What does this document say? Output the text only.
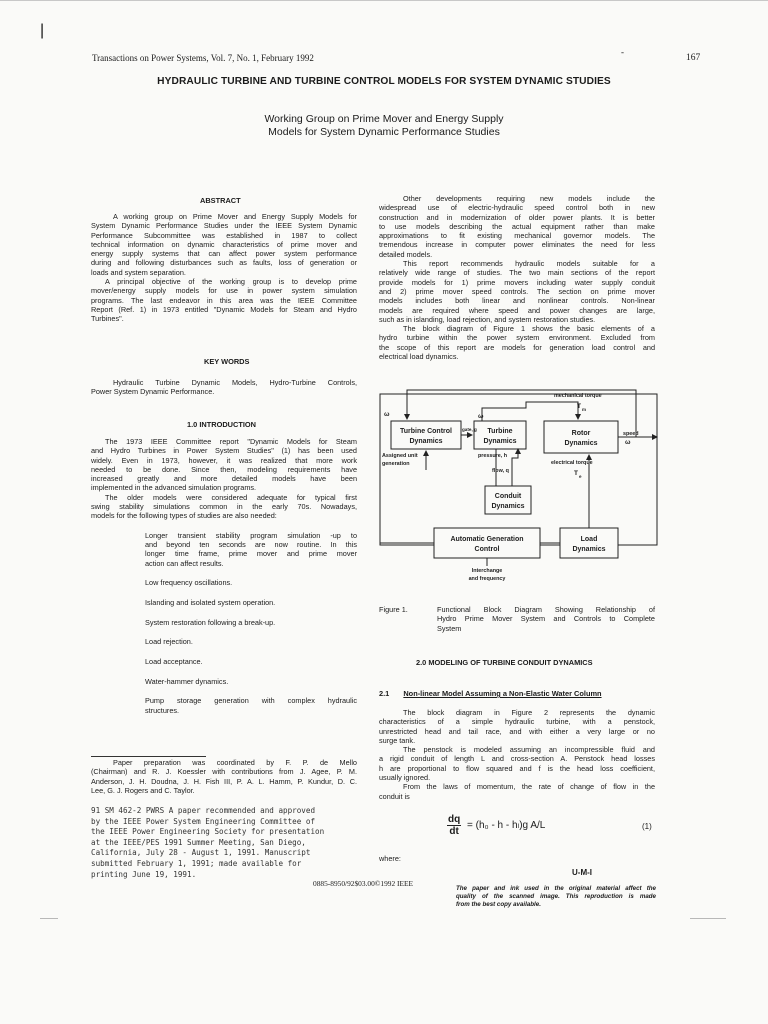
|
Transactions on Power Systems, Vol. 7, No. 1, February 1992
-
167
HYDRAULIC TURBINE AND TURBINE CONTROL MODELS FOR SYSTEM DYNAMIC STUDIES
Working Group on Prime Mover and Energy Supply
Models for System Dynamic Performance Studies
ABSTRACT
A working group on Prime Mover and Energy Supply Models for
System Dynamic Performance Studies under the IEEE System Dynamic
Performance Subcommittee was established in 1987 to collect
technical information on dynamic characteristics of prime mover and
energy supply systems that can affect power system performance
during and following disturbances such as faults, loss of generation or
loads and system separation.
A principal objective of the working group is to develop prime
mover/energy supply models for use in power system simulation
programs. The last endeavor in this area was the IEEE Committee
Report (Ref. 1) in 1973 entitled "Dynamic Models for Steam and Hydro
Turbines".
KEY WORDS
Hydraulic Turbine Dynamic Models, Hydro-Turbine Controls,
Power System Dynamic Performance.
1.0 INTRODUCTION
The 1973 IEEE Committee report "Dynamic Models for Steam
and Hydro Turbines in Power System Studies" (1) has been used
widely. Even in 1973, however, it was realized that more work
needed to be done. Since then, modeling requirements have
increased greatly and more detailed models have been
implemented in the advanced simulation programs.
The older models were considered adequate for typical first
swing stability simulations common in the early 70s. Nowadays,
models for the following types of studies are also needed:
Longer transient stability program simulation -up to
and beyond ten seconds are now routine. In this
longer time frame, prime mover and prime mover
action can affect results.
Low frequency oscillations.
Islanding and isolated system operation.
System restoration following a break-up.
Load rejection.
Load acceptance.
Water-hammer dynamics.
Pump storage generation with complex hydraulic
structures.
Paper preparation was coordinated by F. P. de Mello
(Chairman) and R. J. Koessler with contributions from J. Agee, P. M.
Anderson, J. H. Doudna, J. H. Fish III, P. A. L. Hamm, P. Kundur, D. C.
Lee, G. J. Rogers and C. Taylor.
91 SM 462-2 PWRS A paper recommended and approved
by the IEEE Power System Engineering Committee of
the IEEE Power Engineering Society for presentation
at the IEEE/PES 1991 Summer Meeting, San Diego,
California, July 28 - August 1, 1991. Manuscript
submitted February 1, 1991; made available for
printing June 19, 1991.
0885-8950/92$03.00©1992 IEEE
Other developments requiring new models include the
widespread use of electric-hydraulic speed control both in new
construction and in modernization of older power plants. It is better
to use models describing the actual equipment rather than make
approximations to fit existing mechanical governor models. The
tremendous increase in computer power eliminates the need for less
detailed models.
This report recommends hydraulic models suitable for a
relatively wide range of studies. The two main sections of the report
provide models for 1) prime movers including water supply conduit
and 2) prime mover speed controls. The section on prime mover
models includes both linear and nonlinear controls. Non-linear
models are required where speed and power changes are large,
such as in islanding, load rejection, and system restoration studies.
The block diagram of Figure 1 shows the basic elements of a
hydro turbine within the power system environment. Excluded from
the scope of this report are models for generation load control and
electrical load dynamics.
Turbine Control
Dynamics
Turbine
Dynamics
Rotor
Dynamics
Conduit
Dynamics
Automatic Generation
Control
Load
Dynamics
mechanical torque
T m
ω	ω
gate, g
speed
ω
Assigned unit
generation
pressure, h
flow, q
electrical torque
T e
Interchange
and frequency
Figure 1.	Functional Block Diagram Showing Relationship of
Hydro Prime Mover System and Controls to Complete
System
2.0 MODELING OF TURBINE CONDUIT DYNAMICS
2.1 Non-linear Model Assuming a Non-Elastic Water Column
The block diagram in Figure 2 represents the dynamic
characteristics of a simple hydraulic turbine, with a penstock,
unrestricted head and tail race, and with either a very large or no
surge tank.
The penstock is modeled assuming an incompressible fluid and
a rigid conduit of length L and cross-section A. Penstock head losses
h are proportional to flow squared and f is the head loss coefficient,
usually ignored.
From the laws of momentum, the rate of change of flow in the
conduit is
$\frac{dq}{dt} = (h_0 - h - h_l)g$ A/L	(1)
where:
U-M-I
The paper and ink used in the original material affect the
quality of the scanned image. This reproduction is made
from the best copy available.
